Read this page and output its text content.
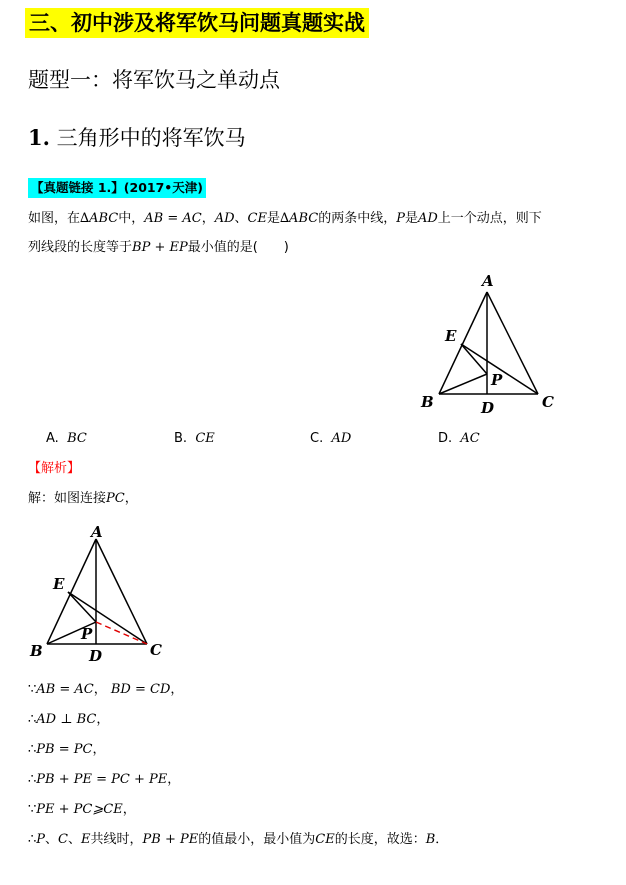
三、初中涉及将军饮马问题真题实战
题型一：将军饮马之单动点
1. 三角形中的将军饮马
【真题链接 1.】(2017•天津)
如图，在∆ABC中，AB = AC，AD、CE是∆ABC的两条中线，P是AD上一个动点，则下
列线段的长度等于BP + EP最小值的是(　　)
A
E
P
B	D	C
A. BC	B. CE	C. AD	D. AC
【解析】
解：如图连接PC，
A
E
P
B	D	C
∵AB = AC， BD = CD，
∴AD ⊥ BC，
∴PB = PC，
∴PB + PE = PC + PE，
∵PE + PC⩾CE，
∴P、C、E共线时，PB + PE的值最小，最小值为CE的长度，故选：B．
